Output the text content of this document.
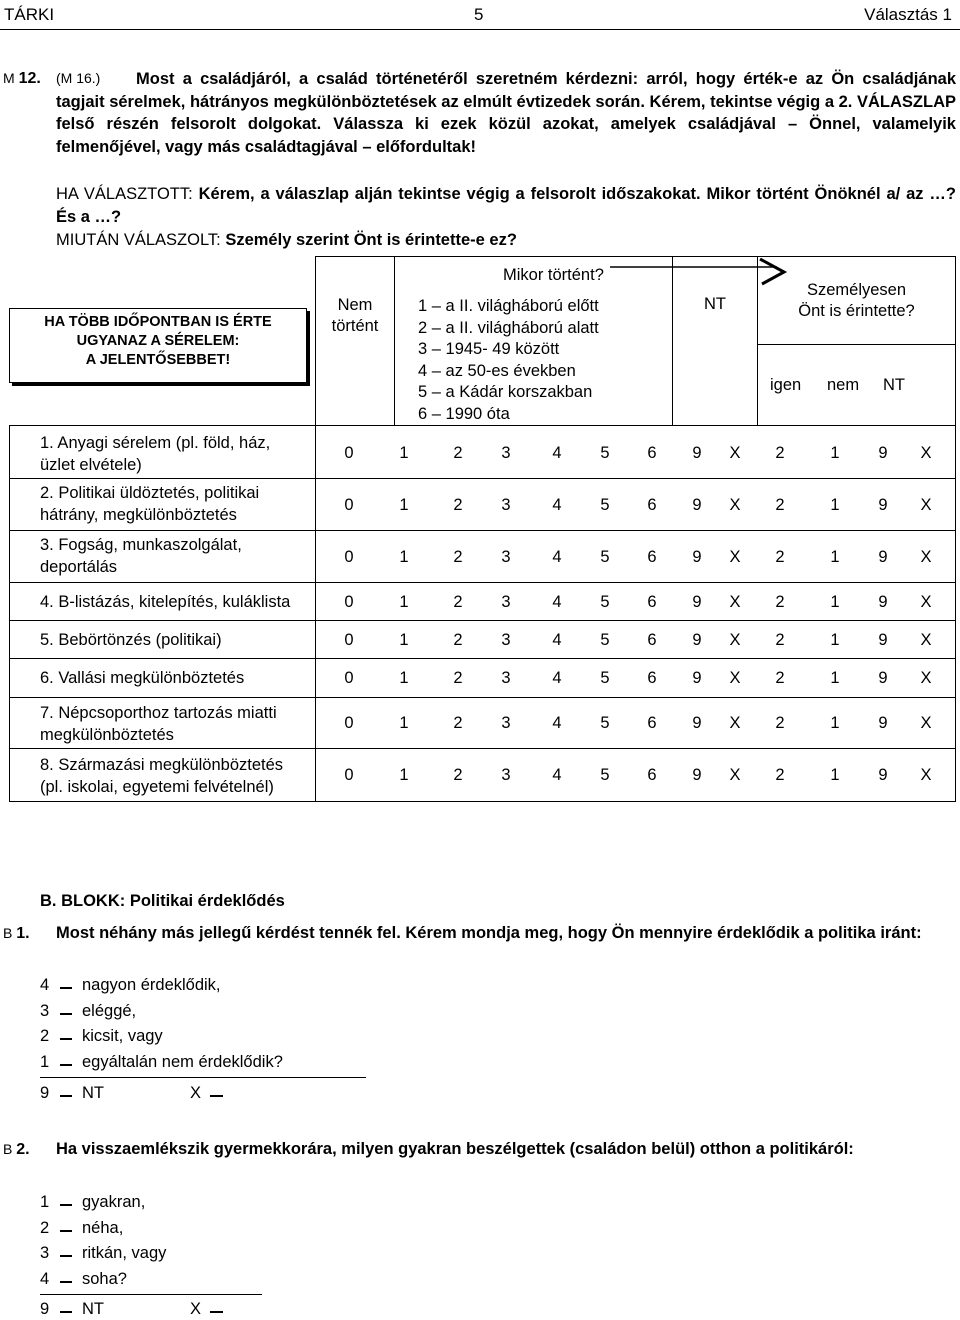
TÁRKI	5	Választás 1
M 12. (M 16.)	Most a családjáról, a család történetéről szeretném kérdezni: arról, hogy érték-e az Ön családjának tagjait sérelmek, hátrányos megkülönböztetések az elmúlt évtizedek során. Kérem, tekintse végig a 2. VÁLASZLAP felső részén felsorolt dolgokat. Válassza ki ezek közül azokat, amelyek családjával – Önnel, valamelyik felmenőjével, vagy más családtagjával – előfordultak!
HA VÁLASZTOTT: Kérem, a válaszlap alján tekintse végig a felsorolt időszakokat. Mikor történt Önöknél a/ az …? És a …?
MIUTÁN VÁLASZOLT: Személy szerint Önt is érintette-e ez?
HA TÖBB IDŐPONTBAN IS ÉRTE
UGYANAZ A SÉRELEM:
A JELENTŐSEBBET!
Nem
történt
Mikor történt?
1 – a II. világháború előtt
2 – a II. világháború alatt
3 – 1945- 49 között
4 – az 50-es években
5 – a Kádár korszakban
6 – 1990 óta
NT
Személyesen
Önt is érintette?
igen nem NT
1. Anyagi sérelem (pl. föld, ház,
üzlet elvétele)
0	1	2	3	4	5	6	9	X	2	1	9	X
2. Politikai üldöztetés, politikai
hátrány, megkülönböztetés
0	1	2	3	4	5	6	9	X	2	1	9	X
3. Fogság, munkaszolgálat,
deportálás
0	1	2	3	4	5	6	9	X	2	1	9	X
4. B-listázás, kitelepítés, kuláklista	0	1	2	3	4	5	6	9	X	2	1	9	X
5. Bebörtönzés (politikai)	0	1	2	3	4	5	6	9	X	2	1	9	X
6. Vallási megkülönböztetés	0	1	2	3	4	5	6	9	X	2	1	9	X
7. Népcsoporthoz tartozás miatti
megkülönböztetés
0	1	2	3	4	5	6	9	X	2	1	9	X
8. Származási megkülönböztetés
(pl. iskolai, egyetemi felvételnél)
0	1	2	3	4	5	6	9	X	2	1	9	X
B. BLOKK: Politikai érdeklődés
B 1. Most néhány más jellegű kérdést tennék fel. Kérem mondja meg, hogy Ön mennyire érdeklődik a politika iránt:
4 nagyon érdeklődik,
3 eléggé,
2 kicsit, vagy
1 egyáltalán nem érdeklődik?
9 NT	X
B 2. Ha visszaemlékszik gyermekkorára, milyen gyakran beszélgettek (családon belül) otthon a politikáról:
1 gyakran,
2 néha,
3 ritkán, vagy
4 soha?
9 NT	X
